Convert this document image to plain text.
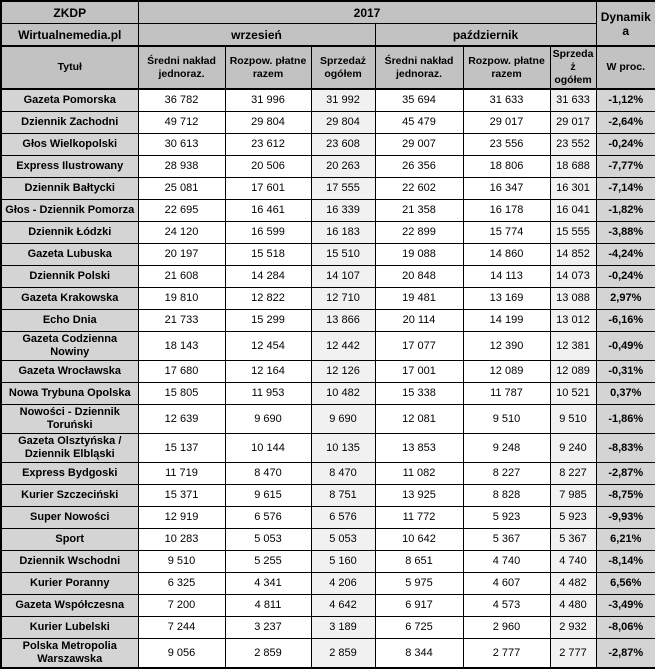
ZKDP	2017						Dynamika
Wirtualnemedia.pl	wrzesień			październik			
Tytuł	Średni nakład jednoraz.	Rozpow. płatne razem	Sprzedaż ogółem	Średni nakład jednoraz.	Rozpow. płatne razem	Sprzedaż ogółem	W proc.
Gazeta Pomorska	36 782	31 996	31 992	35 694	31 633	31 633	-1,12%
Dziennik Zachodni	49 712	29 804	29 804	45 479	29 017	29 017	-2,64%
Głos Wielkopolski	30 613	23 612	23 608	29 007	23 556	23 552	-0,24%
Express Ilustrowany	28 938	20 506	20 263	26 356	18 806	18 688	-7,77%
Dziennik Bałtycki	25 081	17 601	17 555	22 602	16 347	16 301	-7,14%
Głos - Dziennik Pomorza	22 695	16 461	16 339	21 358	16 178	16 041	-1,82%
Dziennik Łódzki	24 120	16 599	16 183	22 899	15 774	15 555	-3,88%
Gazeta Lubuska	20 197	15 518	15 510	19 088	14 860	14 852	-4,24%
Dziennik Polski	21 608	14 284	14 107	20 848	14 113	14 073	-0,24%
Gazeta Krakowska	19 810	12 822	12 710	19 481	13 169	13 088	2,97%
Echo Dnia	21 733	15 299	13 866	20 114	14 199	13 012	-6,16%
Gazeta Codzienna Nowiny	18 143	12 454	12 442	17 077	12 390	12 381	-0,49%
Gazeta Wrocławska	17 680	12 164	12 126	17 001	12 089	12 089	-0,31%
Nowa Trybuna Opolska	15 805	11 953	10 482	15 338	11 787	10 521	0,37%
Nowości - Dziennik Toruński	12 639	9 690	9 690	12 081	9 510	9 510	-1,86%
Gazeta Olsztyńska / Dziennik Elbląski	15 137	10 144	10 135	13 853	9 248	9 240	-8,83%
Express Bydgoski	11 719	8 470	8 470	11 082	8 227	8 227	-2,87%
Kurier Szczeciński	15 371	9 615	8 751	13 925	8 828	7 985	-8,75%
Super Nowości	12 919	6 576	6 576	11 772	5 923	5 923	-9,93%
Sport	10 283	5 053	5 053	10 642	5 367	5 367	6,21%
Dziennik Wschodni	9 510	5 255	5 160	8 651	4 740	4 740	-8,14%
Kurier Poranny	6 325	4 341	4 206	5 975	4 607	4 482	6,56%
Gazeta Współczesna	7 200	4 811	4 642	6 917	4 573	4 480	-3,49%
Kurier Lubelski	7 244	3 237	3 189	6 725	2 960	2 932	-8,06%
Polska Metropolia Warszawska	9 056	2 859	2 859	8 344	2 777	2 777	-2,87%
